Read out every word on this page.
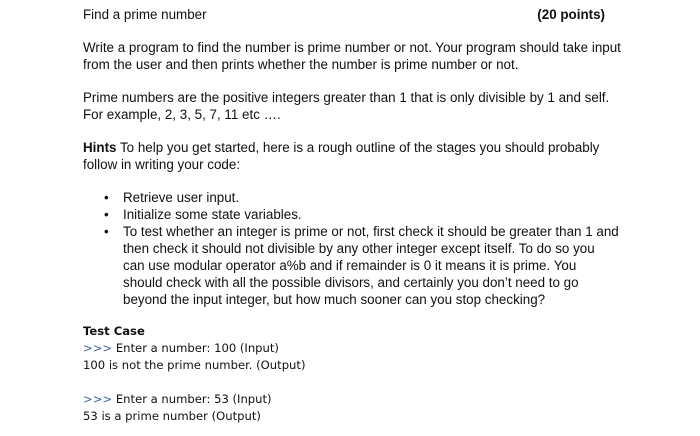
Find a prime number	(20 points)

Write a program to find the number is prime number or not. Your program should take input from the user and then prints whether the number is prime number or not.

Prime numbers are the positive integers greater than 1 that is only divisible by 1 and self. For example, 2, 3, 5, 7, 11 etc ….

Hints To help you get started, here is a rough outline of the stages you should probably follow in writing your code:

• Retrieve user input.
• Initialize some state variables.
• To test whether an integer is prime or not, first check it should be greater than 1 and then check it should not divisible by any other integer except itself. To do so you can use modular operator a%b and if remainder is 0 it means it is prime. You should check with all the possible divisors, and certainly you don’t need to go beyond the input integer, but how much sooner can you stop checking?
Test Case
>>> Enter a number: 100 (Input)
100 is not the prime number. (Output)
>>> Enter a number: 53 (Input)
53 is a prime number (Output)
